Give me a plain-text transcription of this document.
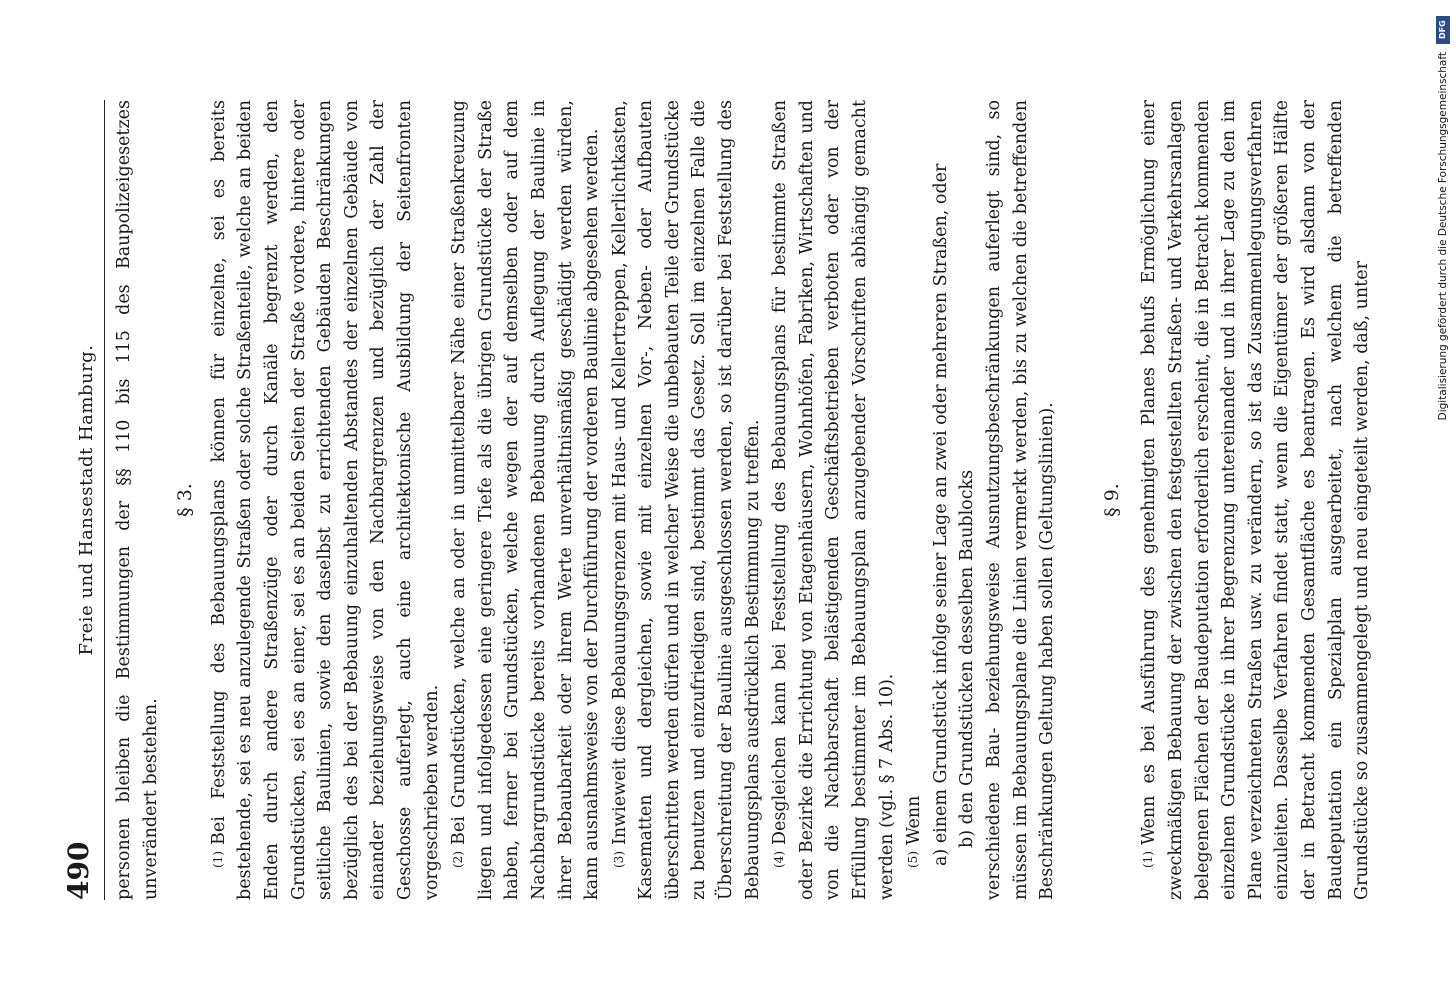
490
Freie und Hansestadt Hamburg. personen bleiben die Bestimmungen der §§ 110 bis 115 des Baupolizeigesetzes unverändert bestehen.

§ 3.

(1)Bei Feststellung des Bebauungsplans können für einzelne, sei es bereits bestehende, sei es neu anzulegende Straßen oder solche Straßenteile, welche an beiden Enden durch andere Straßenzüge oder durch Kanäle begrenzt werden, den Grundstücken, sei es an einer, sei es an beiden Seiten der Straße vordere, hintere oder seitliche Baulinien, sowie den daselbst zu errichtenden Gebäuden Beschränkungen bezüglich des bei der Bebauung einzuhaltenden Abstandes der einzelnen Gebäude von einander beziehungsweise von den Nachbargrenzen und bezüglich der Zahl der Geschosse auferlegt, auch eine architektonische Ausbildung der Seitenfronten vorgeschrieben werden. (2)Bei Grundstücken, welche an oder in unmittelbarer Nähe einer Straßenkreuzung liegen und infolgedessen eine geringere Tiefe als die übrigen Grundstücke der Straße haben, ferner bei Grundstücken, welche wegen der auf demselben oder auf dem Nachbargrundstücke bereits vorhandenen Bebauung durch Auflegung der Baulinie in ihrer Bebaubarkeit oder ihrem Werte unverhältnismäßig geschädigt werden würden, kann ausnahmsweise von der Durchführung der vorderen Baulinie abgesehen werden. (3)Inwieweit diese Bebauungsgrenzen mit Haus- und Kellertreppen, Kellerlichtkasten, Kasematten und dergleichen, sowie mit einzelnen Vor-, Neben- oder Aufbauten überschritten werden dürfen und in welcher Weise die unbebauten Teile der Grundstücke zu benutzen und einzufriedigen sind, bestimmt das Gesetz. Soll im einzelnen Falle die Überschreitung der Baulinie ausgeschlossen werden, so ist darüber bei Feststellung des Bebauungsplans ausdrücklich Bestimmung zu treffen. (4)Desgleichen kann bei Feststellung des Bebauungsplans für bestimmte Straßen oder Bezirke die Errichtung von Etagenhäusern, Wohnhöfen, Fabriken, Wirtschaften und von die Nachbarschaft belästigenden Geschäftsbetrieben verboten oder von der Erfüllung bestimmter im Bebauungsplan anzugebender Vorschriften abhängig gemacht werden (vgl. § 7 Abs. 10). (5)Wenn a) einem Grundstück infolge seiner Lage an zwei oder mehreren Straßen, oder b) den Grundstücken desselben Baublocks verschiedene Bau- beziehungsweise Ausnutzungsbeschränkungen auferlegt sind, so müssen im Bebauungsplane die Linien vermerkt werden, bis zu welchen die betreffenden Beschränkungen Geltung haben sollen (Geltungslinien). § 9.

(1)Wenn es bei Ausführung des genehmigten Planes behufs Ermöglichung einer zweckmäßigen Bebauung der zwischen den festgestellten Straßen- und Verkehrsanlagen belegenen Flächen der Baudeputation erforderlich erscheint, die in Betracht kommenden einzelnen Grundstücke in ihrer Begrenzung untereinander und in ihrer Lage zu den im Plane verzeichneten Straßen usw. zu verändern, so ist das Zusammenlegungsverfahren einzuleiten. Dasselbe Verfahren findet statt, wenn die Eigentümer der größeren Hälfte der in Betracht kommenden Gesamtfläche es beantragen. Es wird alsdann von der Baudeputation ein Spezialplan ausgearbeitet, nach welchem die betreffenden Grundstücke so zusammengelegt und neu eingeteilt werden, daß, unter

DFG
Digitalisierung gefördert durch die Deutsche Forschungsgemeinschaft
